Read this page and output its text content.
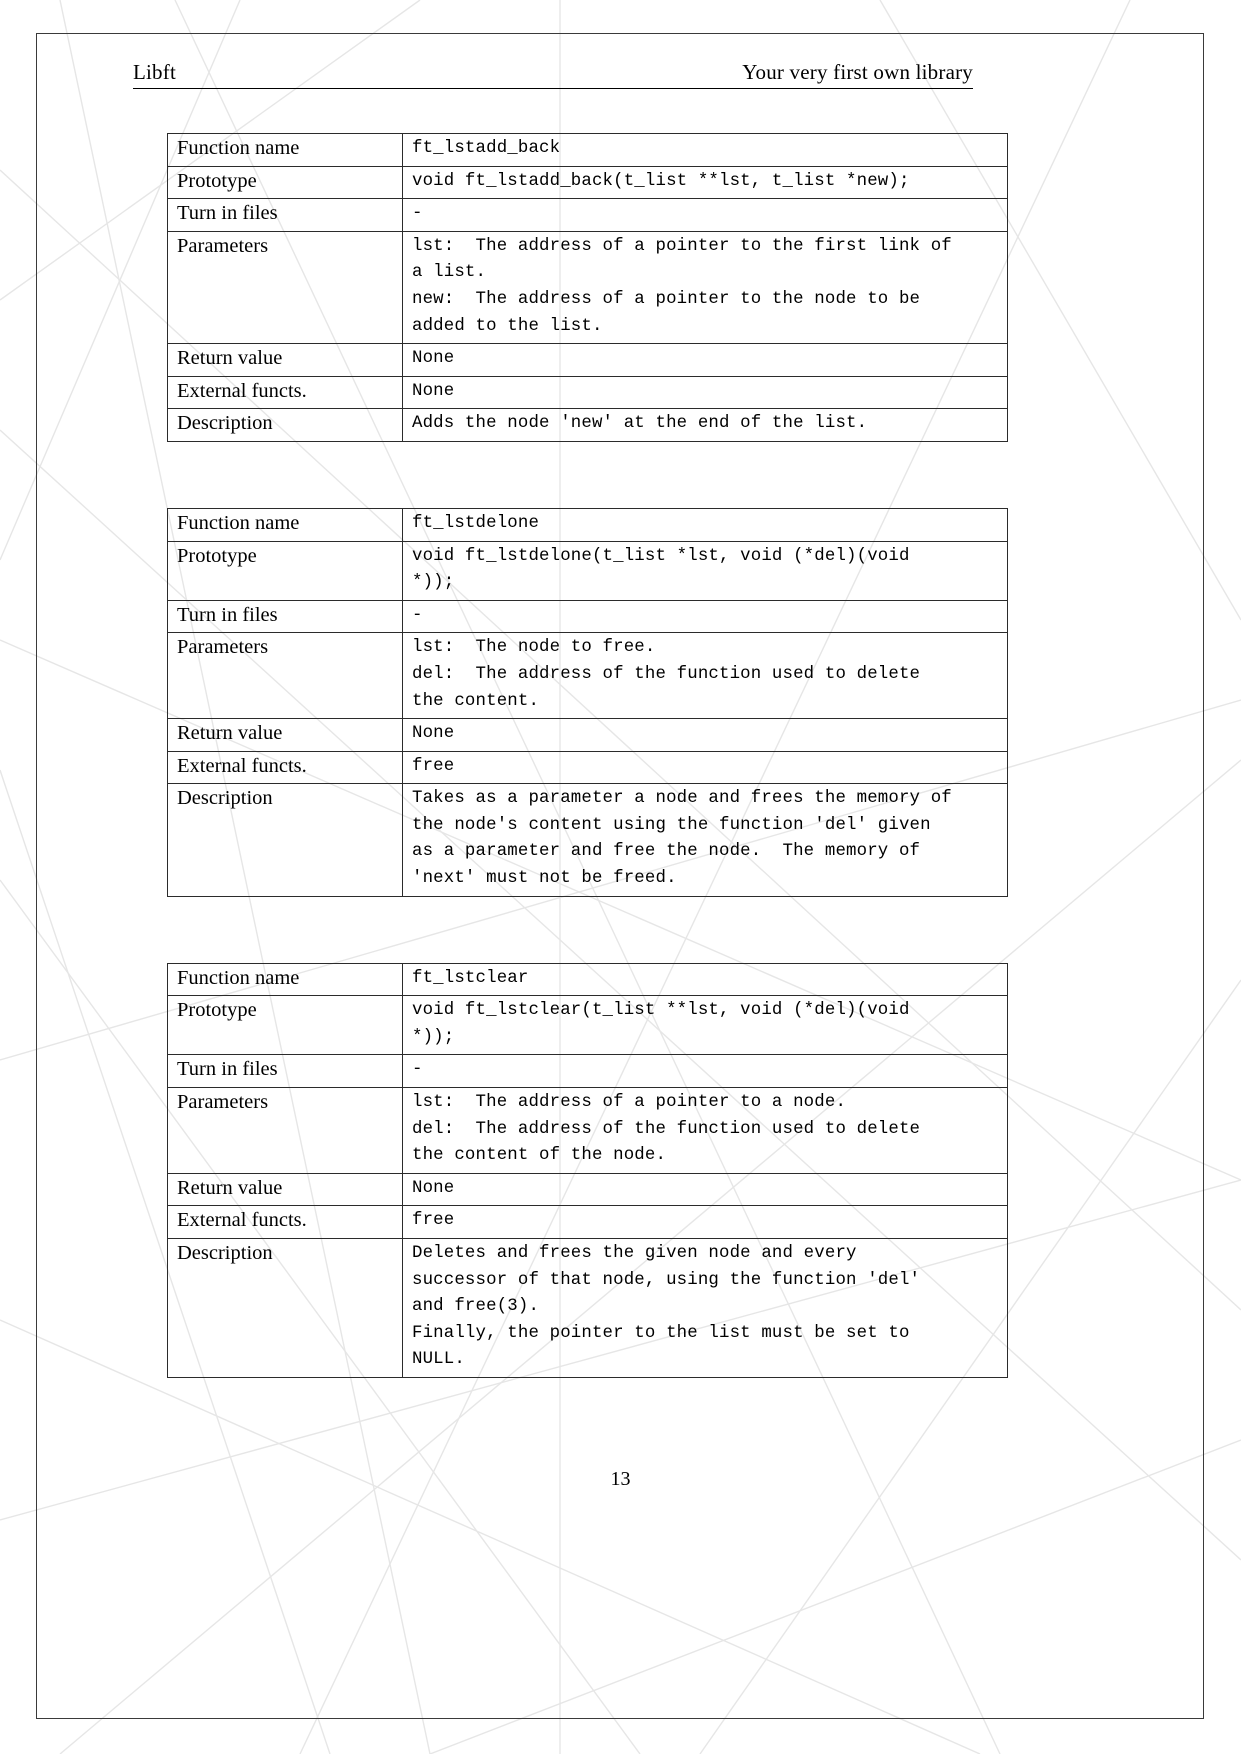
Libft	Your very first own library
Function name	ft_lstadd_back
Prototype	void ft_lstadd_back(t_list **lst, t_list *new);

Turn in files	-

Parameters	lst:  The address of a pointer to the first link of
a list.
new:  The address of a pointer to the node to be
added to the list.

Return value	None

External functs.	None

Description	Adds the node 'new' at the end of the list.
Function name	ft_lstdelone
Prototype	void ft_lstdelone(t_list *lst, void (*del)(void
*));

Turn in files	-

Parameters	lst:  The node to free.
del:  The address of the function used to delete
the content.

Return value	None

External functs.	free

Description	Takes as a parameter a node and frees the memory of
the node's content using the function 'del' given
as a parameter and free the node.  The memory of
'next' must not be freed.
Function name	ft_lstclear
Prototype	void ft_lstclear(t_list **lst, void (*del)(void
*));

Turn in files	-

Parameters	lst:  The address of a pointer to a node.
del:  The address of the function used to delete
the content of the node.

Return value	None

External functs.	free

Description	Deletes and frees the given node and every
successor of that node, using the function 'del'
and free(3).
Finally, the pointer to the list must be set to
NULL.
13
